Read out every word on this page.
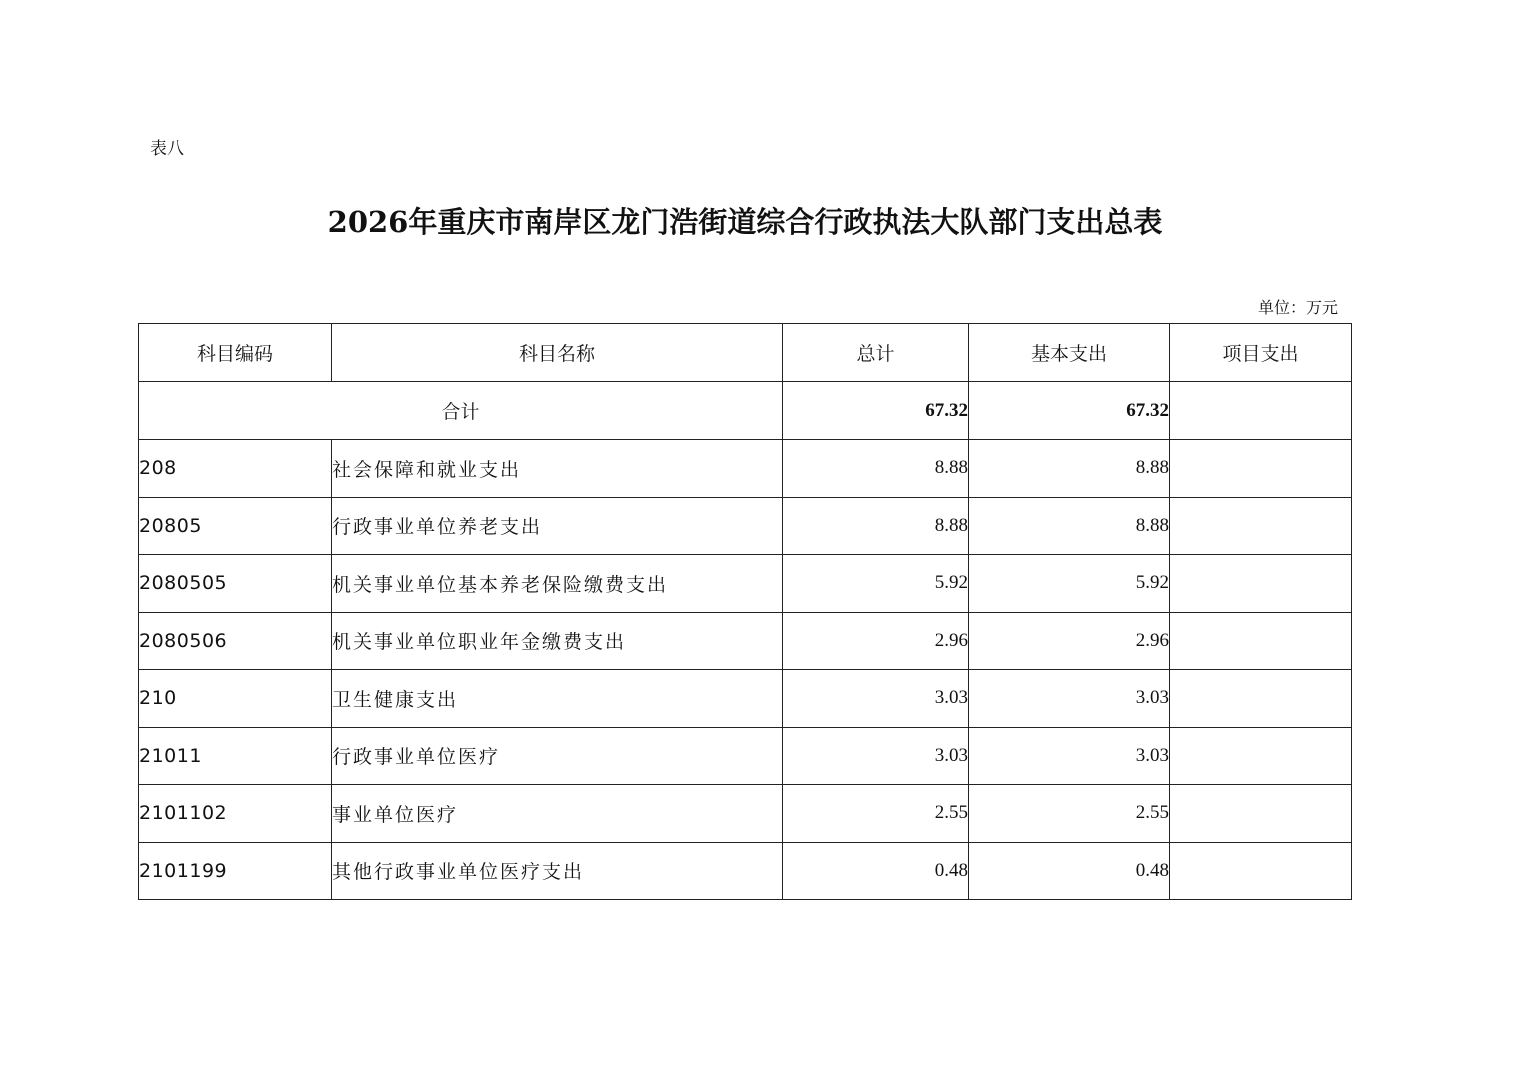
表八
2026年重庆市南岸区龙门浩街道综合行政执法大队部门支出总表
单位：万元
科目编码	科目名称	总计	基本支出	项目支出
合计		67.32	67.32	
208	社会保障和就业支出	8.88	8.88	
20805	行政事业单位养老支出	8.88	8.88	
2080505	机关事业单位基本养老保险缴费支出	5.92	5.92	
2080506	机关事业单位职业年金缴费支出	2.96	2.96	
210	卫生健康支出	3.03	3.03	
21011	行政事业单位医疗	3.03	3.03	
2101102	事业单位医疗	2.55	2.55	
2101199	其他行政事业单位医疗支出	0.48	0.48	
